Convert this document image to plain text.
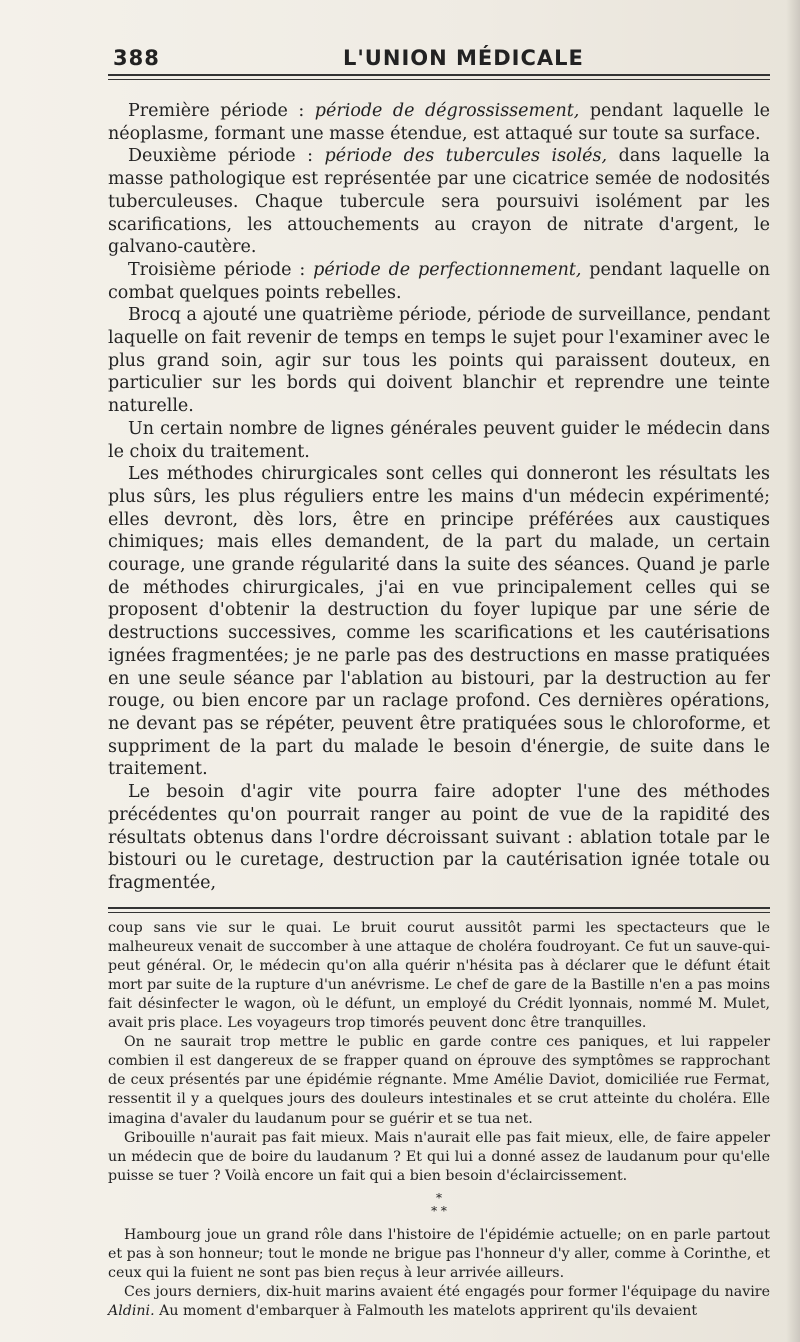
388	L'UNION MÉDICALE

Première période : période de dégrossissement, pendant laquelle le néoplasme, formant une masse étendue, est attaqué sur toute sa surface.

Deuxième période : période des tubercules isolés, dans laquelle la masse pathologique est représentée par une cicatrice semée de nodosités tuberculeuses. Chaque tubercule sera poursuivi isolément par les scarifications, les attouchements au crayon de nitrate d'argent, le galvano-cautère.

Troisième période : période de perfectionnement, pendant laquelle on combat quelques points rebelles.

Brocq a ajouté une quatrième période, période de surveillance, pendant laquelle on fait revenir de temps en temps le sujet pour l'examiner avec le plus grand soin, agir sur tous les points qui paraissent douteux, en particulier sur les bords qui doivent blanchir et reprendre une teinte naturelle.

Un certain nombre de lignes générales peuvent guider le médecin dans le choix du traitement.

Les méthodes chirurgicales sont celles qui donneront les résultats les plus sûrs, les plus réguliers entre les mains d'un médecin expérimenté; elles devront, dès lors, être en principe préférées aux caustiques chimiques; mais elles demandent, de la part du malade, un certain courage, une grande régularité dans la suite des séances. Quand je parle de méthodes chirurgicales, j'ai en vue principalement celles qui se proposent d'obtenir la destruction du foyer lupique par une série de destructions successives, comme les scarifications et les cautérisations ignées fragmentées; je ne parle pas des destructions en masse pratiquées en une seule séance par l'ablation au bistouri, par la destruction au fer rouge, ou bien encore par un raclage profond. Ces dernières opérations, ne devant pas se répéter, peuvent être pratiquées sous le chloroforme, et suppriment de la part du malade le besoin d'énergie, de suite dans le traitement.

Le besoin d'agir vite pourra faire adopter l'une des méthodes précédentes qu'on pourrait ranger au point de vue de la rapidité des résultats obtenus dans l'ordre décroissant suivant : ablation totale par le bistouri ou le curetage, destruction par la cautérisation ignée totale ou fragmentée,

coup sans vie sur le quai. Le bruit courut aussitôt parmi les spectacteurs que le malheureux venait de succomber à une attaque de choléra foudroyant. Ce fut un sauve-qui-peut général. Or, le médecin qu'on alla quérir n'hésita pas à déclarer que le défunt était mort par suite de la rupture d'un anévrisme. Le chef de gare de la Bastille n'en a pas moins fait désinfecter le wagon, où le défunt, un employé du Crédit lyonnais, nommé M. Mulet, avait pris place. Les voyageurs trop timorés peuvent donc être tranquilles.

On ne saurait trop mettre le public en garde contre ces paniques, et lui rappeler combien il est dangereux de se frapper quand on éprouve des symptômes se rapprochant de ceux présentés par une épidémie régnante. Mme Amélie Daviot, domiciliée rue Fermat, ressentit il y a quelques jours des douleurs intestinales et se crut atteinte du choléra. Elle imagina d'avaler du laudanum pour se guérir et se tua net.

Gribouille n'aurait pas fait mieux. Mais n'aurait elle pas fait mieux, elle, de faire appeler un médecin que de boire du laudanum ? Et qui lui a donné assez de laudanum pour qu'elle puisse se tuer ? Voilà encore un fait qui a bien besoin d'éclaircissement.

*
* *

Hambourg joue un grand rôle dans l'histoire de l'épidémie actuelle; on en parle partout et pas à son honneur; tout le monde ne brigue pas l'honneur d'y aller, comme à Corinthe, et ceux qui la fuient ne sont pas bien reçus à leur arrivée ailleurs.

Ces jours derniers, dix-huit marins avaient été engagés pour former l'équipage du navire Aldini. Au moment d'embarquer à Falmouth les matelots apprirent qu'ils devaient
